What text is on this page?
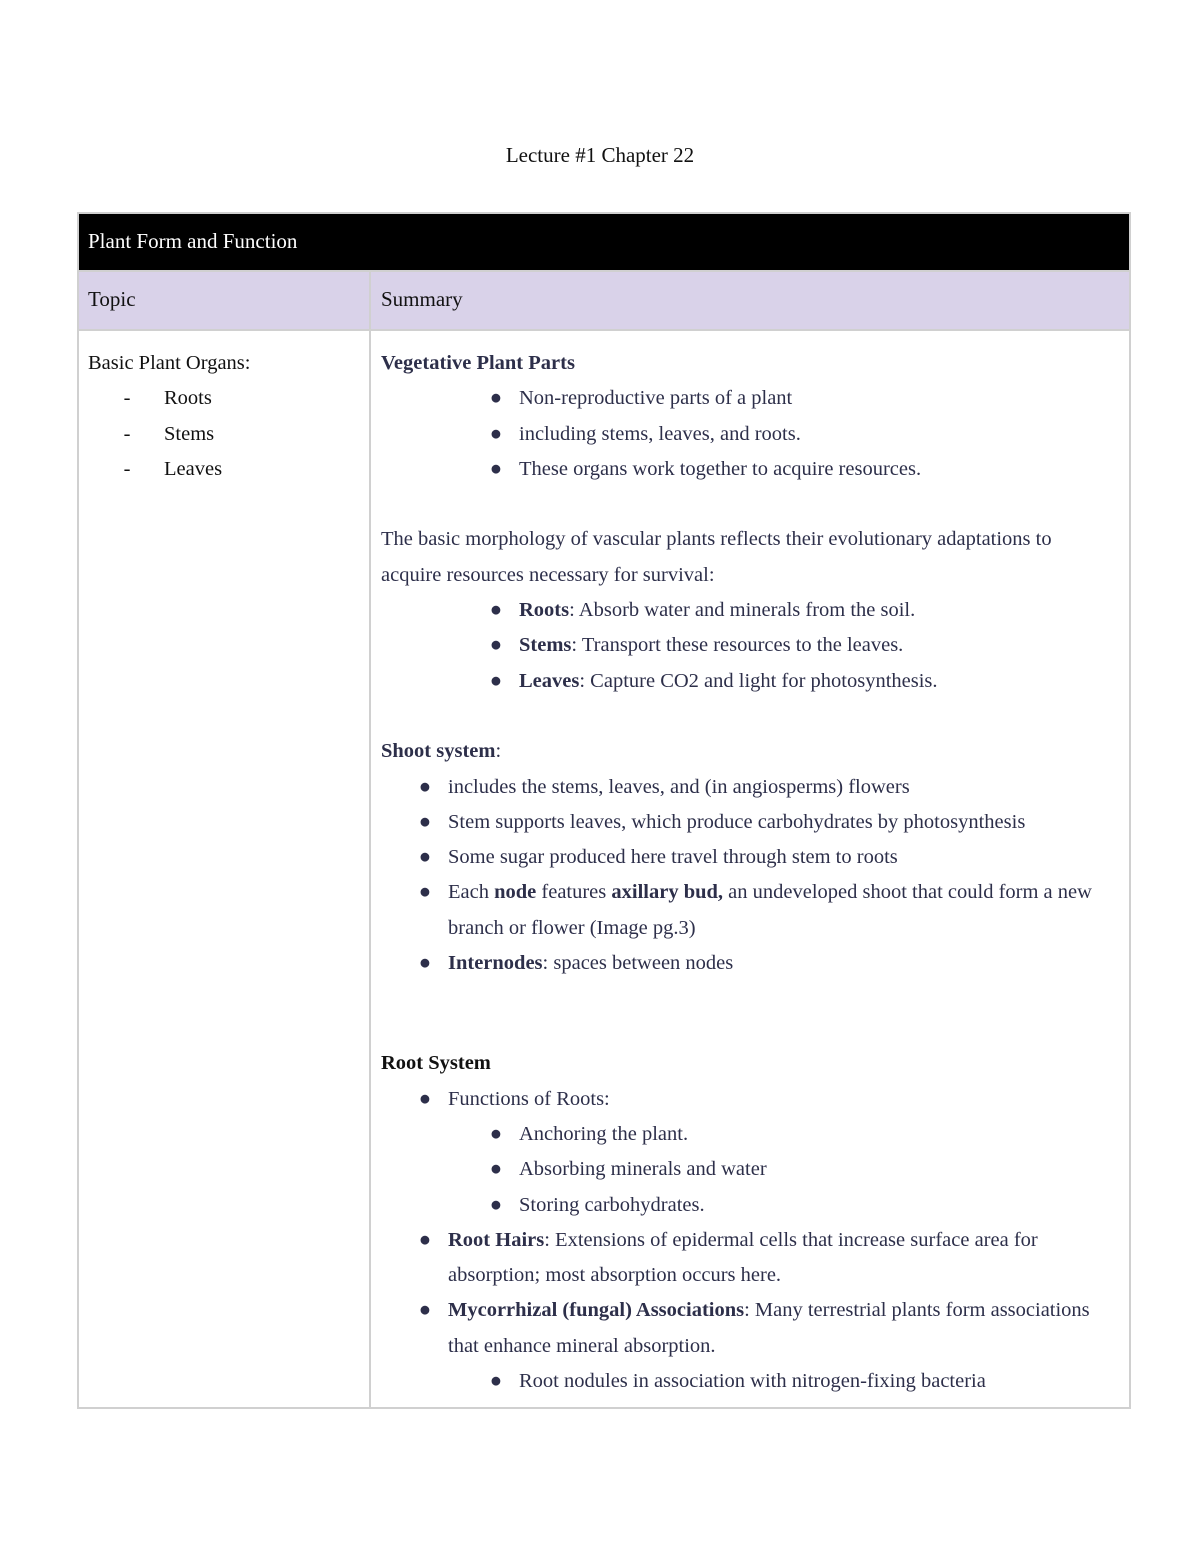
Lecture #1 Chapter 22
Plant Form and Function
Topic	Summary
Basic Plant Organs:
- Roots
- Stems
- Leaves
Vegetative Plant Parts
● Non-reproductive parts of a plant
● including stems, leaves, and roots.
● These organs work together to acquire resources.
The basic morphology of vascular plants reflects their evolutionary adaptations to
acquire resources necessary for survival:
● Roots: Absorb water and minerals from the soil.
● Stems: Transport these resources to the leaves.
● Leaves: Capture CO2 and light for photosynthesis.
Shoot system:
● includes the stems, leaves, and (in angiosperms) flowers
● Stem supports leaves, which produce carbohydrates by photosynthesis
● Some sugar produced here travel through stem to roots
● Each node features axillary bud, an undeveloped shoot that could form a new branch or flower (Image pg.3)
● Internodes: spaces between nodes
Root System
● Functions of Roots:
● Anchoring the plant.
● Absorbing minerals and water
● Storing carbohydrates.
● Root Hairs: Extensions of epidermal cells that increase surface area for absorption; most absorption occurs here.
● Mycorrhizal (fungal) Associations: Many terrestrial plants form associations that enhance mineral absorption.
● Root nodules in association with nitrogen-fixing bacteria
